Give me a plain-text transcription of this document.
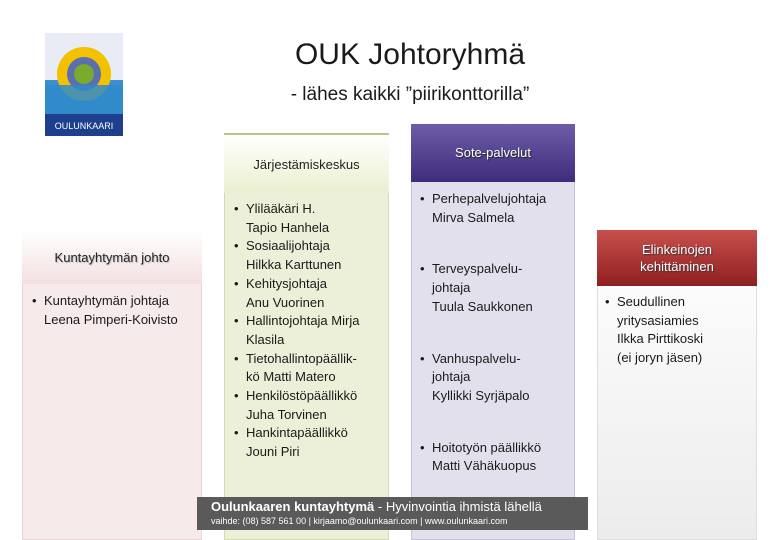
OULUNKAARI
OUK Johtoryhmä
- lähes kaikki ”piirikonttorilla”
Kuntayhtymän johto
• Kuntayhtymän johtaja
Leena Pimperi-Koivisto
Järjestämiskeskus
• Ylilääkäri H.
Tapio Hanhela
• Sosiaalijohtaja
Hilkka Karttunen
• Kehitysjohtaja
Anu Vuorinen
• Hallintojohtaja Mirja
Klasila
• Tietohallintopäällik-
kö Matti Matero
• Henkilöstöpäällikkö
Juha Torvinen
• Hankintapäällikkö
Jouni Piri
Sote-palvelut
• Perhepalvelujohtaja
Mirva Salmela
• Terveyspalvelu-
johtaja
Tuula Saukkonen
• Vanhuspalvelu-
johtaja
Kyllikki Syrjäpalo
• Hoitotyön päällikkö
Matti Vähäkuopus
Elinkeinojen
kehittäminen
• Seudullinen
yritysasiamies
Ilkka Pirttikoski
(ei joryn jäsen)
Oulunkaaren kuntayhtymä - Hyvinvointia ihmistä lähellä
vaihde: (08) 587 561 00 | kirjaamo@oulunkaari.com | www.oulunkaari.com
